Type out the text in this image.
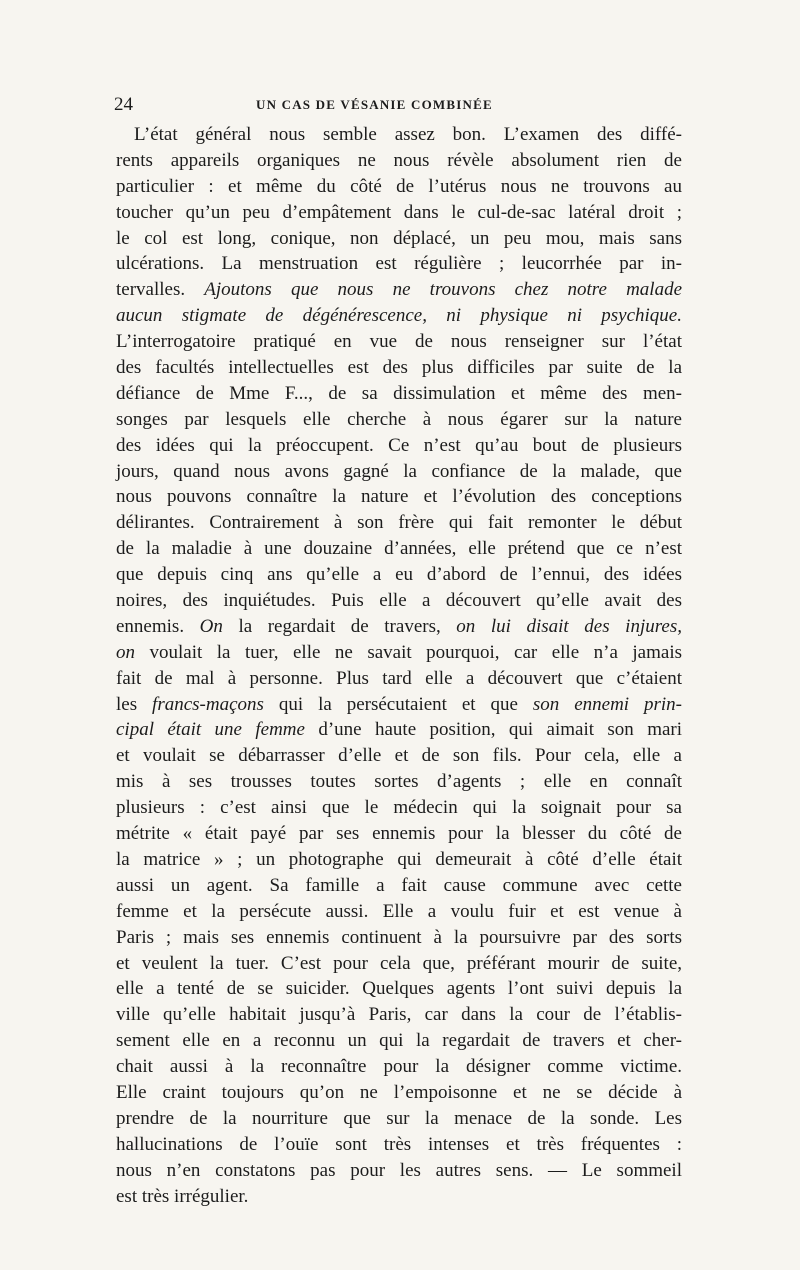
24	UN CAS DE VÉSANIE COMBINÉE
L’état général nous semble assez bon. L’examen des diffé-
rents appareils organiques ne nous révèle absolument rien de
particulier : et même du côté de l’utérus nous ne trouvons au
toucher qu’un peu d’empâtement dans le cul-de-sac latéral droit ;
le col est long, conique, non déplacé, un peu mou, mais sans
ulcérations. La menstruation est régulière ; leucorrhée par in-
tervalles. Ajoutons que nous ne trouvons chez notre malade
aucun stigmate de dégénérescence, ni physique ni psychique.
L’interrogatoire pratiqué en vue de nous renseigner sur l’état
des facultés intellectuelles est des plus difficiles par suite de la
défiance de Mme F..., de sa dissimulation et même des men-
songes par lesquels elle cherche à nous égarer sur la nature
des idées qui la préoccupent. Ce n’est qu’au bout de plusieurs
jours, quand nous avons gagné la confiance de la malade, que
nous pouvons connaître la nature et l’évolution des conceptions
délirantes. Contrairement à son frère qui fait remonter le début
de la maladie à une douzaine d’années, elle prétend que ce n’est
que depuis cinq ans qu’elle a eu d’abord de l’ennui, des idées
noires, des inquiétudes. Puis elle a découvert qu’elle avait des
ennemis. On la regardait de travers, on lui disait des injures,
on voulait la tuer, elle ne savait pourquoi, car elle n’a jamais
fait de mal à personne. Plus tard elle a découvert que c’étaient
les francs-maçons qui la persécutaient et que son ennemi prin-
cipal était une femme d’une haute position, qui aimait son mari
et voulait se débarrasser d’elle et de son fils. Pour cela, elle a
mis à ses trousses toutes sortes d’agents ; elle en connaît
plusieurs : c’est ainsi que le médecin qui la soignait pour sa
métrite « était payé par ses ennemis pour la blesser du côté de
la matrice » ; un photographe qui demeurait à côté d’elle était
aussi un agent. Sa famille a fait cause commune avec cette
femme et la persécute aussi. Elle a voulu fuir et est venue à
Paris ; mais ses ennemis continuent à la poursuivre par des sorts
et veulent la tuer. C’est pour cela que, préférant mourir de suite,
elle a tenté de se suicider. Quelques agents l’ont suivi depuis la
ville qu’elle habitait jusqu’à Paris, car dans la cour de l’établis-
sement elle en a reconnu un qui la regardait de travers et cher-
chait aussi à la reconnaître pour la désigner comme victime.
Elle craint toujours qu’on ne l’empoisonne et ne se décide à
prendre de la nourriture que sur la menace de la sonde. Les
hallucinations de l’ouïe sont très intenses et très fréquentes :
nous n’en constatons pas pour les autres sens. — Le sommeil
est très irrégulier.
